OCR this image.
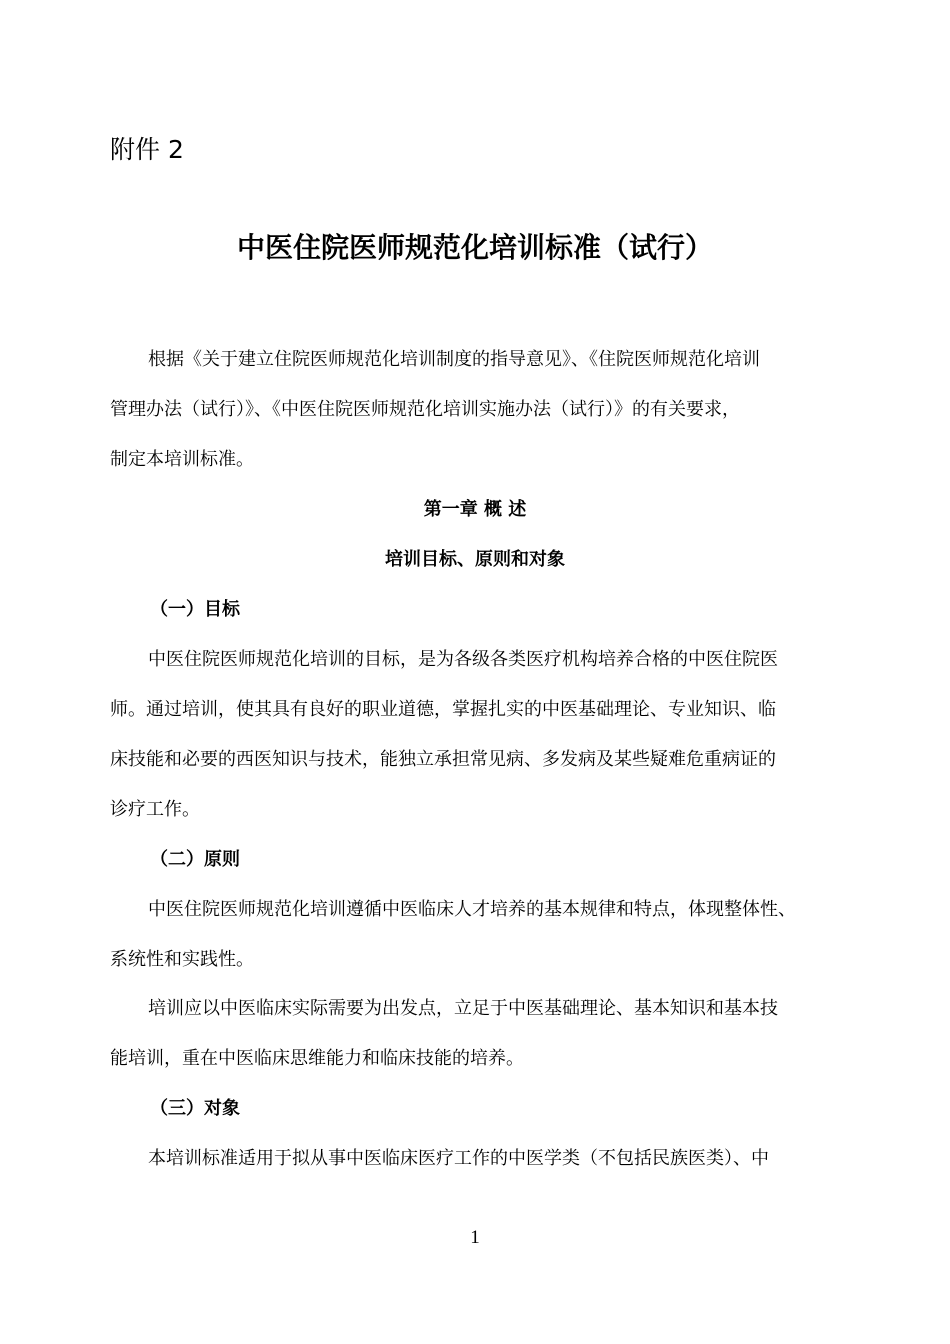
附件 2
中医住院医师规范化培训标准（试行）
根据《关于建立住院医师规范化培训制度的指导意见》、《住院医师规范化培训
管理办法（试行）》、《中医住院医师规范化培训实施办法（试行）》的有关要求，
制定本培训标准。
第一章 概 述
培训目标、原则和对象
（一）目标
中医住院医师规范化培训的目标，是为各级各类医疗机构培养合格的中医住院医
师。通过培训，使其具有良好的职业道德，掌握扎实的中医基础理论、专业知识、临
床技能和必要的西医知识与技术，能独立承担常见病、多发病及某些疑难危重病证的
诊疗工作。
（二）原则
中医住院医师规范化培训遵循中医临床人才培养的基本规律和特点，体现整体性、
系统性和实践性。
培训应以中医临床实际需要为出发点，立足于中医基础理论、基本知识和基本技
能培训，重在中医临床思维能力和临床技能的培养。
（三）对象
本培训标准适用于拟从事中医临床医疗工作的中医学类（不包括民族医类）、中
1
